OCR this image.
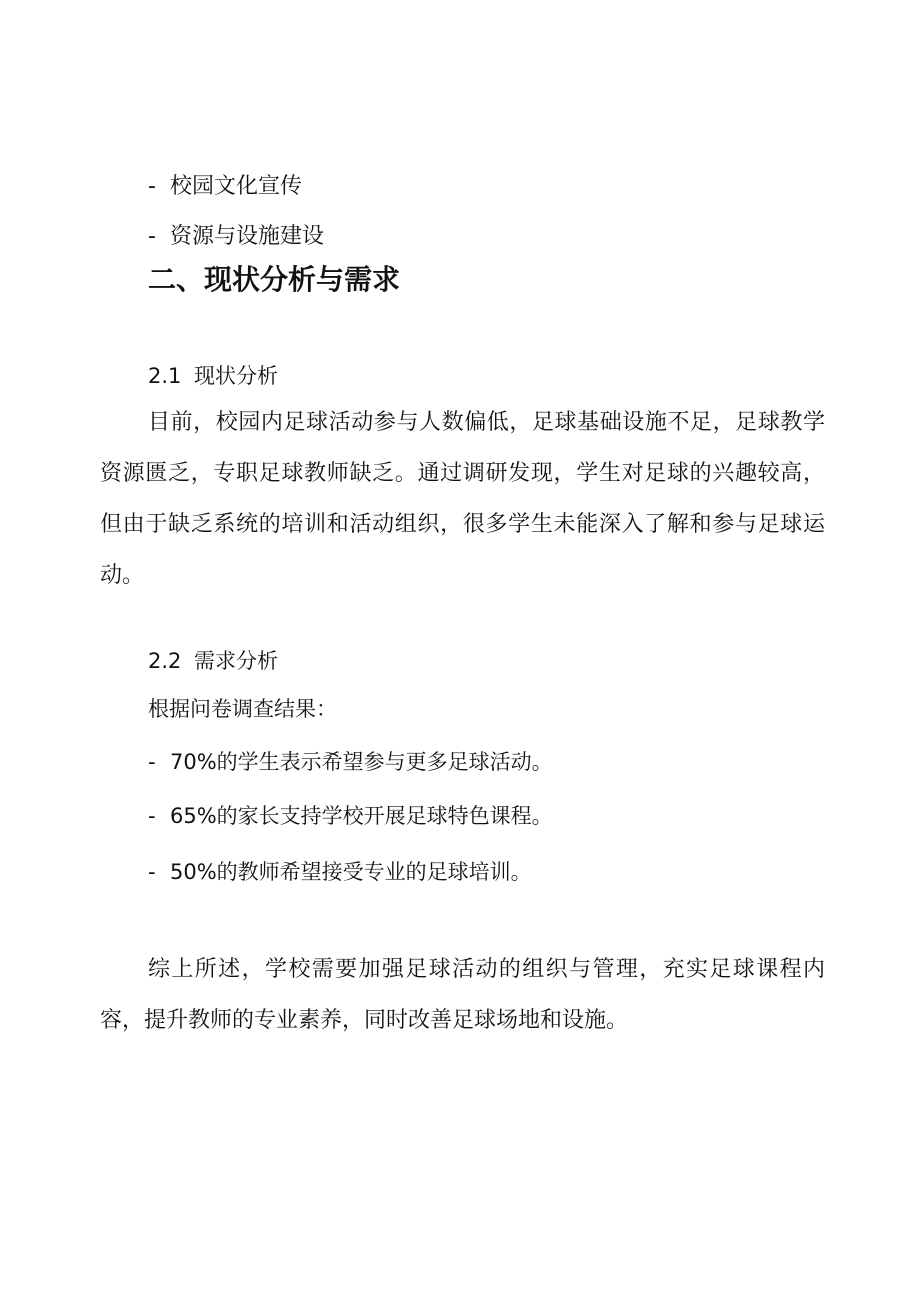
- 校园文化宣传
- 资源与设施建设
二、现状分析与需求
2.1 现状分析

目前，校园内足球活动参与人数偏低，足球基础设施不足，足球教学资源匮乏，专职足球教师缺乏。通过调研发现，学生对足球的兴趣较高，但由于缺乏系统的培训和活动组织，很多学生未能深入了解和参与足球运动。

2.2 需求分析
根据问卷调查结果：
- 70%的学生表示希望参与更多足球活动。
- 65%的家长支持学校开展足球特色课程。
- 50%的教师希望接受专业的足球培训。

综上所述，学校需要加强足球活动的组织与管理，充实足球课程内容，提升教师的专业素养，同时改善足球场地和设施。
